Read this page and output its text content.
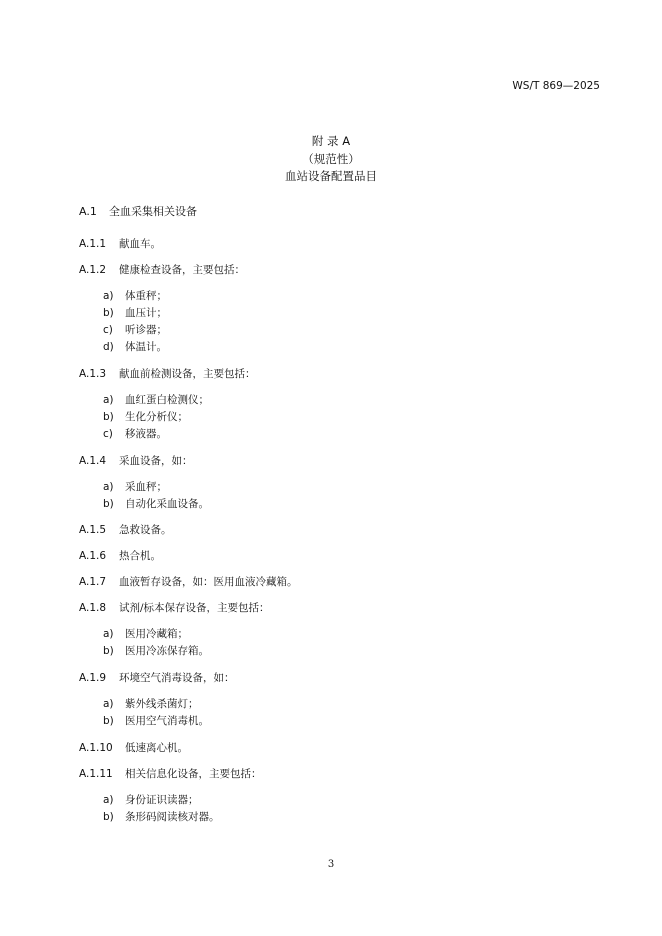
WS/T 869—2025
附 录 A
（规范性）
血站设备配置品目
A.1 全血采集相关设备
A.1.1 献血车。
A.1.2 健康检查设备，主要包括：
a) 体重秤；
b) 血压计；
c) 听诊器；
d) 体温计。
A.1.3 献血前检测设备，主要包括：
a) 血红蛋白检测仪；
b) 生化分析仪；
c) 移液器。
A.1.4 采血设备，如：
a) 采血秤；
b) 自动化采血设备。
A.1.5 急救设备。
A.1.6 热合机。
A.1.7 血液暂存设备，如：医用血液冷藏箱。
A.1.8 试剂/标本保存设备，主要包括：
a) 医用冷藏箱；
b) 医用冷冻保存箱。
A.1.9 环境空气消毒设备，如：
a) 紫外线杀菌灯；
b) 医用空气消毒机。
A.1.10 低速离心机。
A.1.11 相关信息化设备，主要包括：
a) 身份证识读器；
b) 条形码阅读核对器。
3
